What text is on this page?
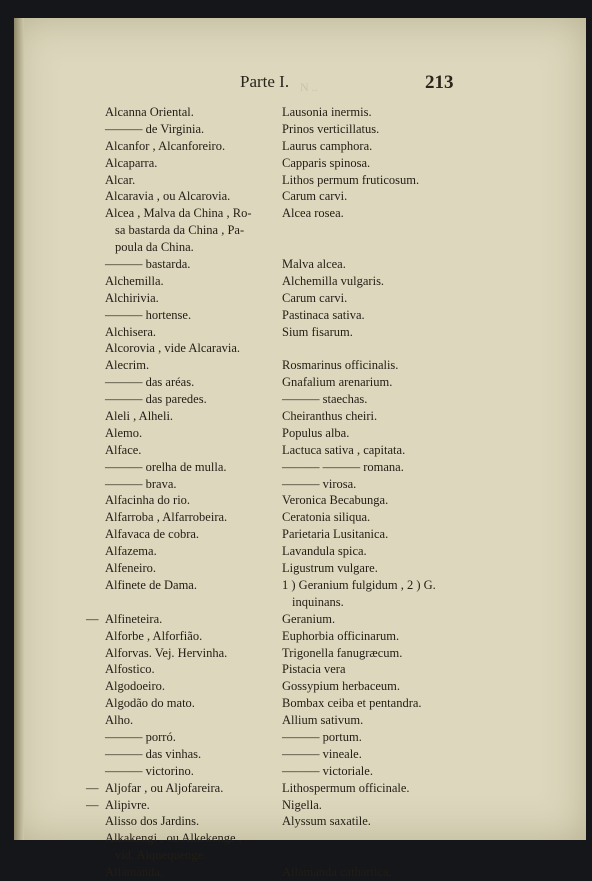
N ..
Parte I.	213
—
—
—
Alcanna Oriental.
——— de Virginia.
Alcanfor , Alcanforeiro.
Alcaparra.
Alcar.
Alcaravia , ou Alcarovia.
Alcea , Malva da China , Ro-
sa bastarda da China , Pa-
poula da China.
——— bastarda.
Alchemilla.
Alchirivia.
——— hortense.
Alchisera.
Alcorovia , vide Alcaravia.
Alecrim.
——— das aréas.
——— das paredes.
Aleli , Alheli.
Alemo.
Alface.
——— orelha de mulla.
——— brava.
Alfacinha do rio.
Alfarroba , Alfarrobeira.
Alfavaca de cobra.
Alfazema.
Alfeneiro.
Alfinete de Dama.
Alfineteira.
Alforbe , Alforfião.
Alforvas. Vej. Hervinha.
Alfostico.
Algodoeiro.
Algodão do mato.
Alho.
——— porró.
——— das vinhas.
——— victorino.
Aljofar , ou Aljofareira.
Alipivre.
Alisso dos Jardins.
Alkakengi , ou Alkekenge ,
vid. Alquequenge.
Allamanda.
Lausonia inermis.
Prinos verticillatus.
Laurus camphora.
Capparis spinosa.
Lithos permum fruticosum.
Carum carvi.
Alcea rosea.
Malva alcea.
Alchemilla vulgaris.
Carum carvi.
Pastinaca sativa.
Sium fisarum.
Rosmarinus officinalis.
Gnafalium arenarium.
——— staechas.
Cheiranthus cheiri.
Populus alba.
Lactuca sativa , capitata.
——— ——— romana.
——— virosa.
Veronica Becabunga.
Ceratonia siliqua.
Parietaria Lusitanica.
Lavandula spica.
Ligustrum vulgare.
1 ) Geranium fulgidum , 2 ) G.
inquinans.
Geranium.
Euphorbia officinarum.
Trigonella fanugræcum.
Pistacia vera
Gossypium herbaceum.
Bombax ceiba et pentandra.
Allium sativum.
——— portum.
——— vineale.
——— victoriale.
Lithospermum officinale.
Nigella.
Alyssum saxatile.
Allamanda cathartica.
